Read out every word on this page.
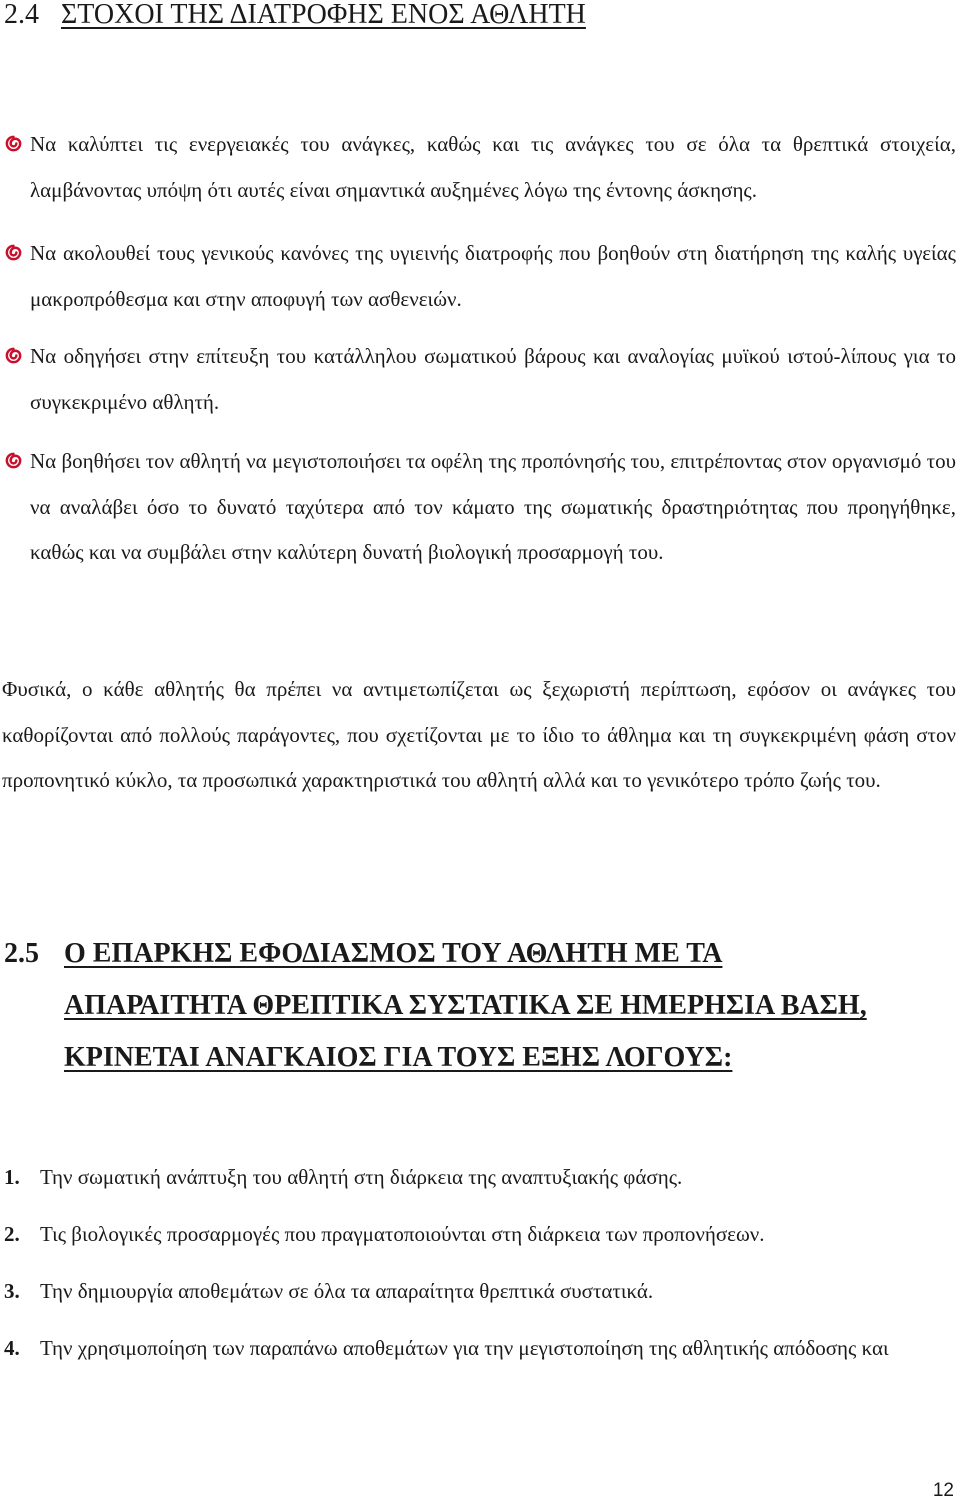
2.4 ΣΤΟΧΟΙ ΤΗΣ ΔΙΑΤΡΟΦΗΣ ΕΝΟΣ ΑΘΛΗΤΗ

Να καλύπτει τις ενεργειακές του ανάγκες, καθώς και τις ανάγκες του σε όλα τα θρεπτικά στοιχεία, λαμβάνοντας υπόψη ότι αυτές είναι σημαντικά αυξημένες λόγω της έντονης άσκησης.

Να ακολουθεί τους γενικούς κανόνες της υγιεινής διατροφής που βοηθούν στη διατήρηση της καλής υγείας μακροπρόθεσμα και στην αποφυγή των ασθενειών.

Να οδηγήσει στην επίτευξη του κατάλληλου σωματικού βάρους και αναλογίας μυϊκού ιστού-λίπους για το συγκεκριμένο αθλητή.

Να βοηθήσει τον αθλητή να μεγιστοποιήσει τα οφέλη της προπόνησής του, επιτρέποντας στον οργανισμό του να αναλάβει όσο το δυνατό ταχύτερα από τον κάματο της σωματικής δραστηριότητας που προηγήθηκε, καθώς και να συμβάλει στην καλύτερη δυνατή βιολογική προσαρμογή του.

Φυσικά, ο κάθε αθλητής θα πρέπει να αντιμετωπίζεται ως ξεχωριστή περίπτωση, εφόσον οι ανάγκες του καθορίζονται από πολλούς παράγοντες, που σχετίζονται με το ίδιο το άθλημα και τη συγκεκριμένη φάση στον προπονητικό κύκλο, τα προσωπικά χαρακτηριστικά του αθλητή αλλά και το γενικότερο τρόπο ζωής του.

2.5 Ο ΕΠΑΡΚΗΣ ΕΦΟΔΙΑΣΜΟΣ ΤΟΥ ΑΘΛΗΤΗ ΜΕ ΤΑ
ΑΠΑΡΑΙΤΗΤΑ ΘΡΕΠΤΙΚΑ ΣΥΣΤΑΤΙΚΑ ΣΕ ΗΜΕΡΗΣΙΑ ΒΑΣΗ,
ΚΡΙΝΕΤΑΙ ΑΝΑΓΚΑΙΟΣ ΓΙΑ ΤΟΥΣ ΕΞΗΣ ΛΟΓΟΥΣ:
1. Την σωματική ανάπτυξη του αθλητή στη διάρκεια της αναπτυξιακής φάσης.
2. Τις βιολογικές προσαρμογές που πραγματοποιούνται στη διάρκεια των προπονήσεων.
3. Την δημιουργία αποθεμάτων σε όλα τα απαραίτητα θρεπτικά συστατικά.
4. Την χρησιμοποίηση των παραπάνω αποθεμάτων για την μεγιστοποίηση της αθλητικής απόδοσης και
12
